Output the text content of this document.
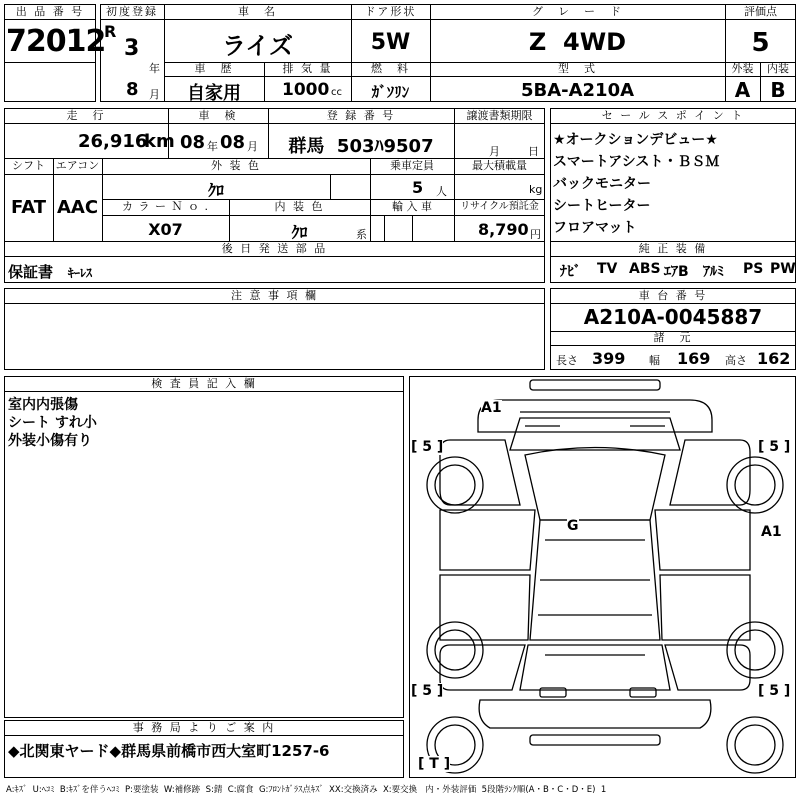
出 品 番 号
72012
初度登録
R
3
年
8 月
車　名
ライズ
ドア形状
5W
グ　レ　ー　ド
Z  4WD
評価点
5
車　歴
自家用
排 気 量
1000 cc
燃　料
ｶﾞｿﾘﾝ
型　式
5BA-A210A
外装
A
内装
B
走　行
26,916
km
車　検
08 年 08 月
登 録 番 号
群馬  503ﾊ9507
譲渡書類期限
月	日
シフト
FAT
エアコン
AAC
外 装 色
ｸﾛ
乗車定員
5 人
最大積載量
kg
カ ラ ー Ｎ ｏ .
X07
内 装 色
ｸﾛ	系
輸 入 車	リサイクル預託金
8,790 円
後 日 発 送 部 品
保証書 ｷｰﾚｽ
セ ー ル ス ポ イ ン ト
★オークションデビュー★
スマートアシスト・ＢＳＭ
バックモニター
シートヒーター
フロアマット
純 正 装 備
ﾅﾋﾞ TV ABS ｴｱB ｱﾙﾐ PS PW
注 意 事 項 欄	車 台 番 号
A210A-0045887
諸　元
長さ 399 幅 169 高さ 162
検 査 員 記 入 欄
室内内張傷
シート すれ小
外装小傷有り
事 務 局 よ り ご 案 内
◆北関東ヤード◆群馬県前橋市西大室町1257-6
A1
G	A1
[ 5 ]	[ 5 ]
[ 5 ]	[ 5 ]
[ T ]
A:ｷｽﾞ  U:ﾍｺﾐ  B:ｷｽﾞを伴うﾍｺﾐ  P:要塗装  W:補修跡  S:錆  C:腐食  G:ﾌﾛﾝﾄｶﾞﾗｽ点ｷｽﾞ  XX:交換済み  X:要交換   内・外装評価  5段階ﾗﾝｸ順(A・B・C・D・E)  1
